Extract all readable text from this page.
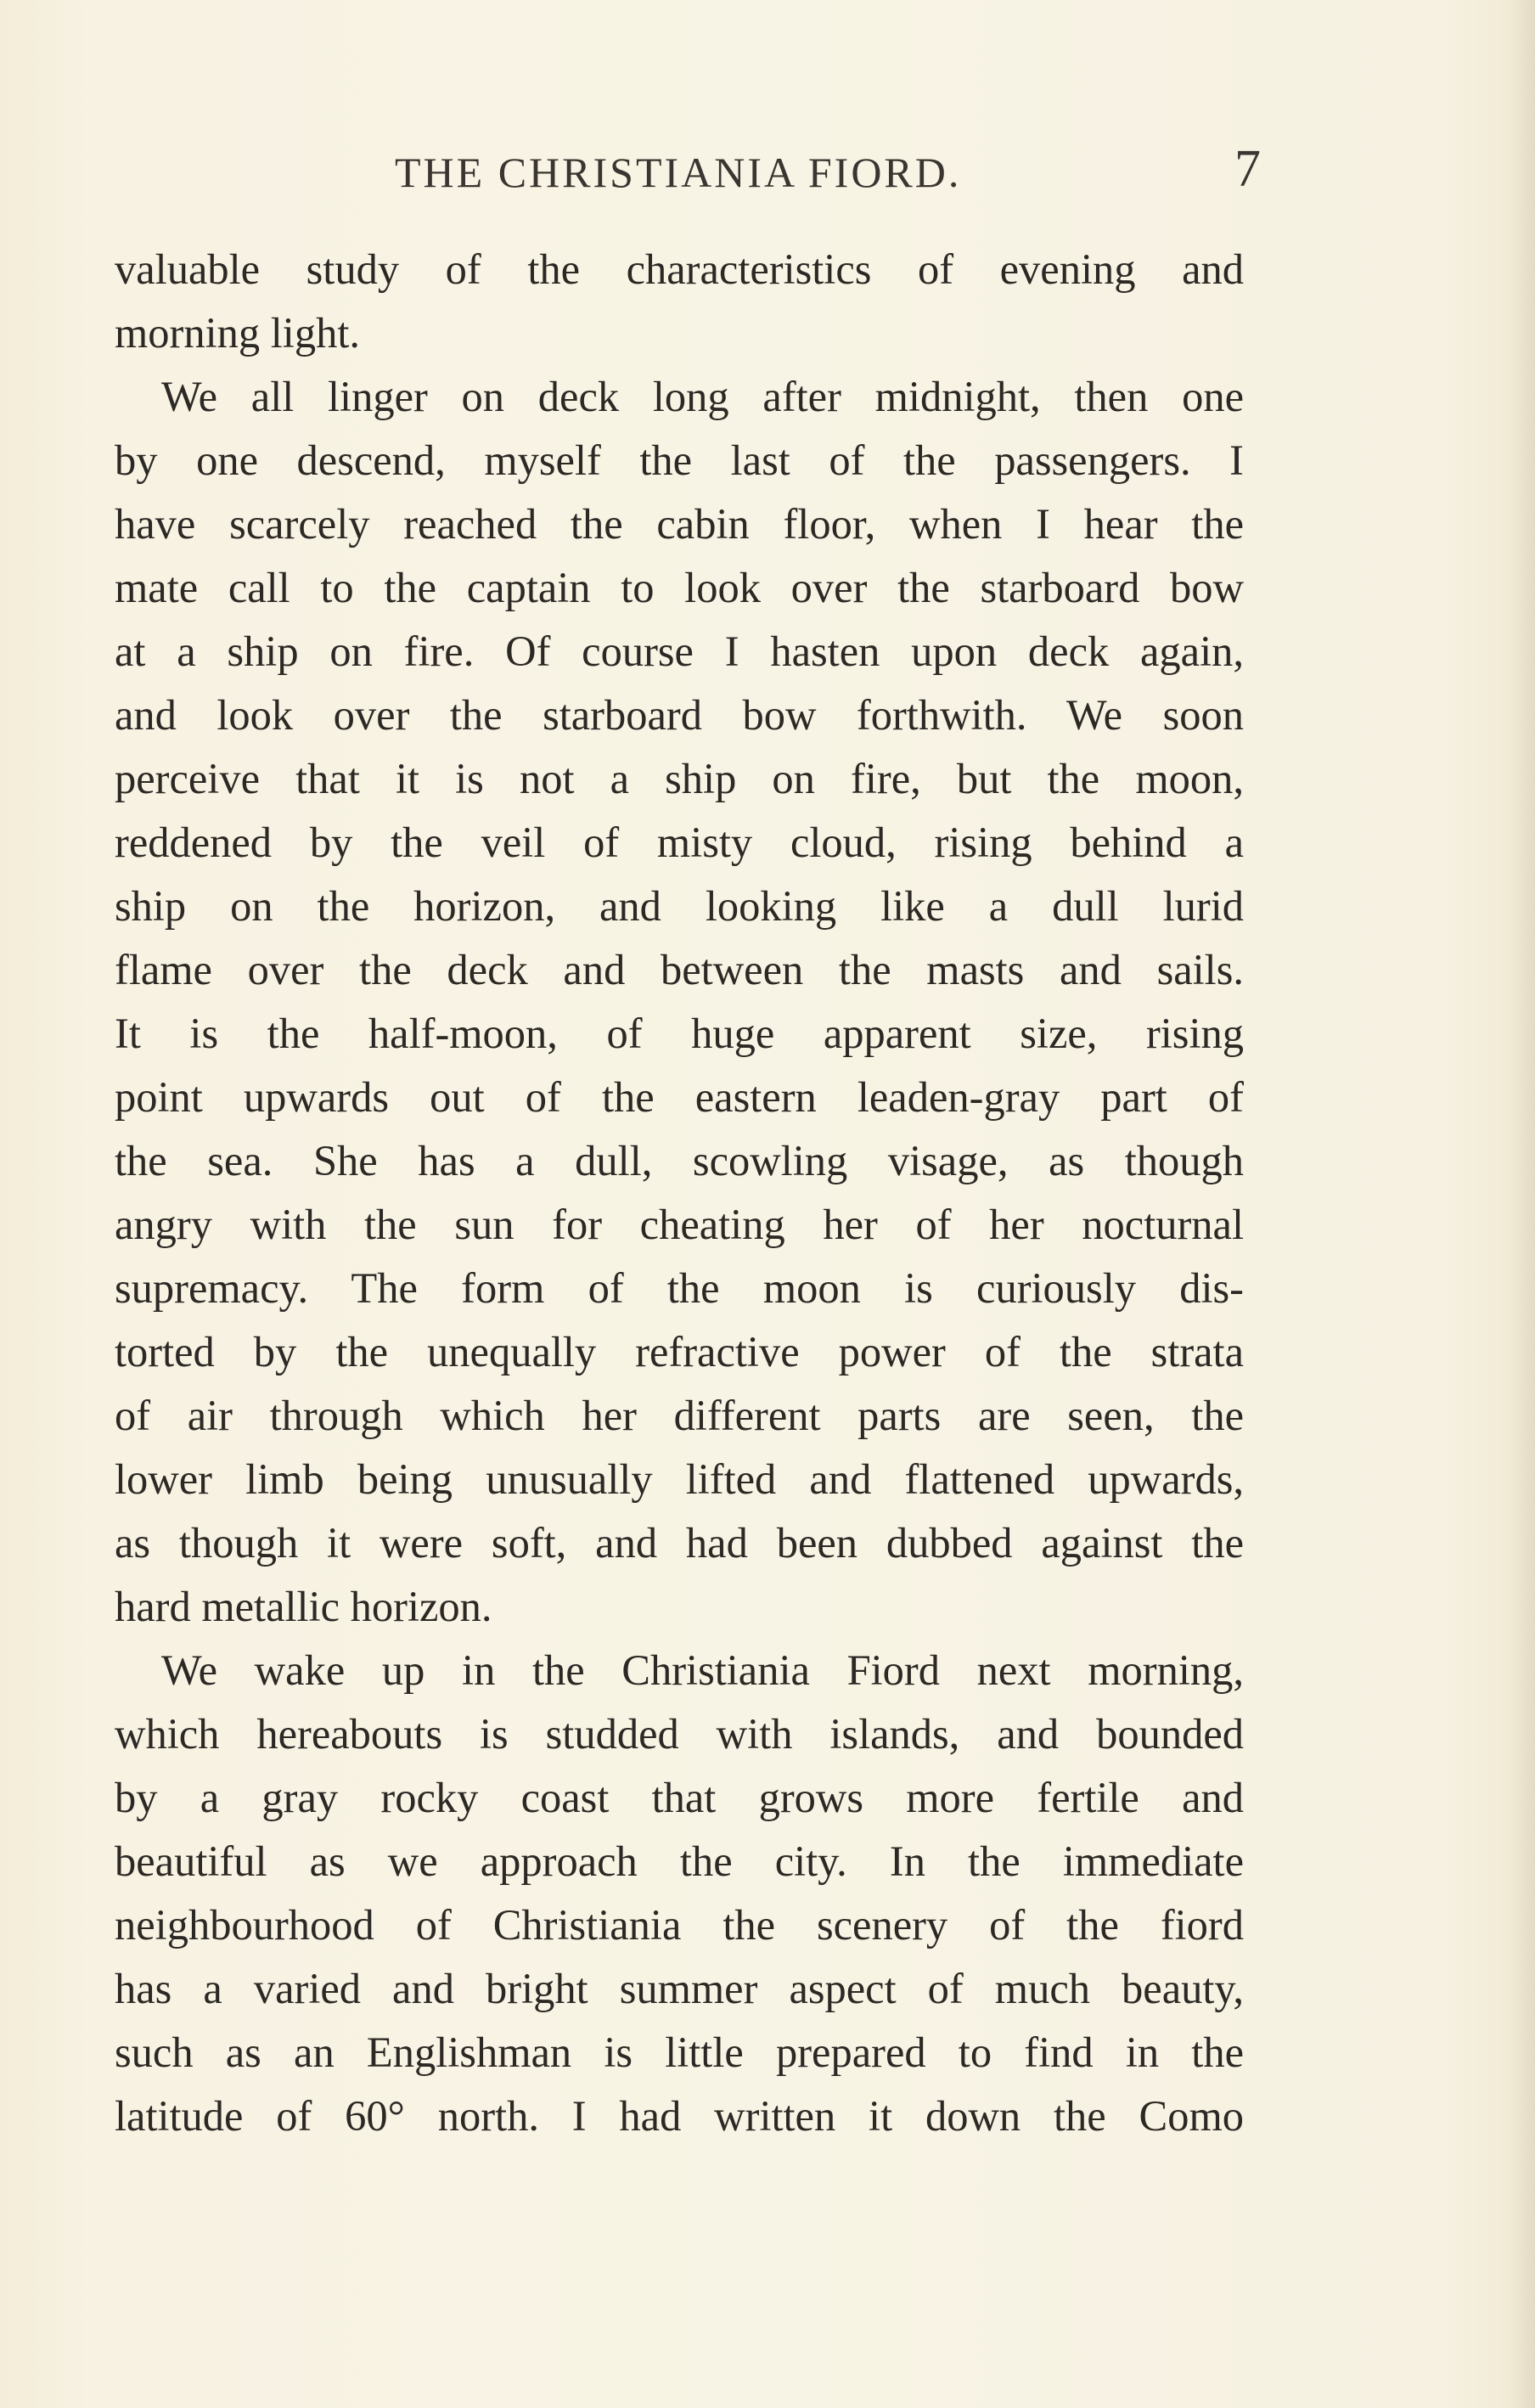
THE CHRISTIANIA FIORD.	7
valuable study of the characteristics of evening and
morning light.
We all linger on deck long after midnight, then one
by one descend, myself the last of the passengers. I
have scarcely reached the cabin floor, when I hear the
mate call to the captain to look over the starboard bow
at a ship on fire. Of course I hasten upon deck again,
and look over the starboard bow forthwith. We soon
perceive that it is not a ship on fire, but the moon,
reddened by the veil of misty cloud, rising behind a
ship on the horizon, and looking like a dull lurid
flame over the deck and between the masts and sails.
It is the half-moon, of huge apparent size, rising
point upwards out of the eastern leaden-gray part of
the sea. She has a dull, scowling visage, as though
angry with the sun for cheating her of her nocturnal
supremacy. The form of the moon is curiously dis-
torted by the unequally refractive power of the strata
of air through which her different parts are seen, the
lower limb being unusually lifted and flattened upwards,
as though it were soft, and had been dubbed against the
hard metallic horizon.
We wake up in the Christiania Fiord next morning,
which hereabouts is studded with islands, and bounded
by a gray rocky coast that grows more fertile and
beautiful as we approach the city. In the immediate
neighbourhood of Christiania the scenery of the fiord
has a varied and bright summer aspect of much beauty,
such as an Englishman is little prepared to find in the
latitude of 60° north. I had written it down the Como
